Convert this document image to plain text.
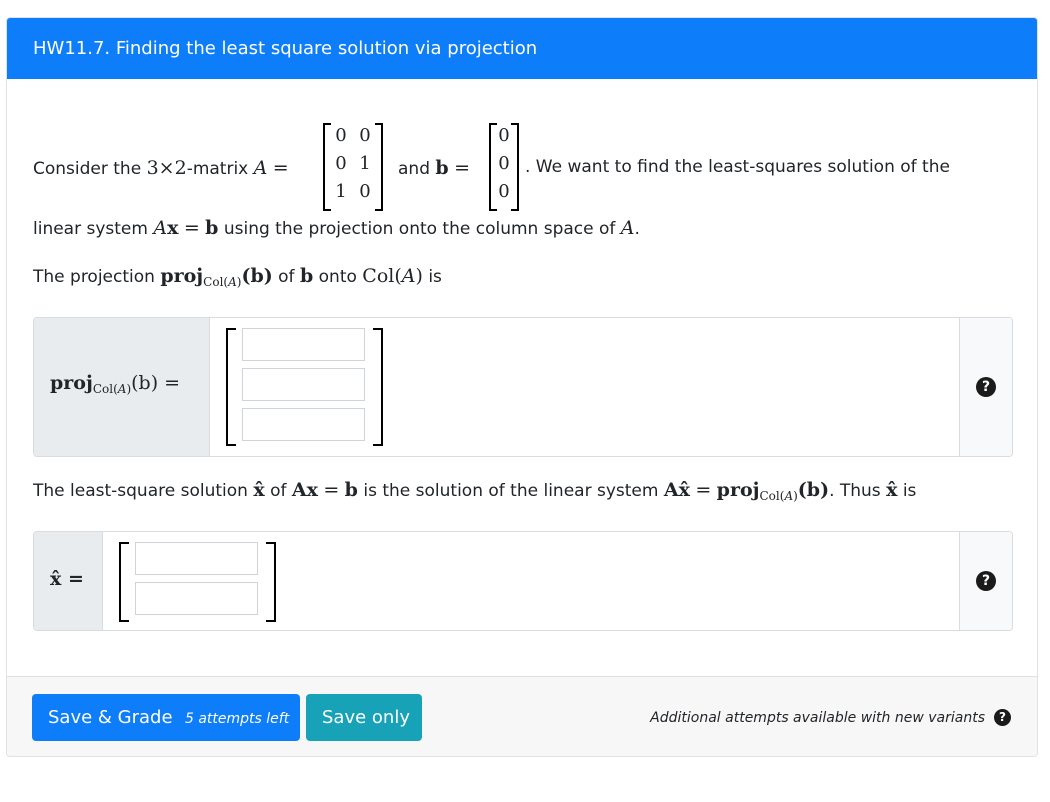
HW11.7. Finding the least square solution via projection
Consider the 3×2-matrix A =
0 0
0 1
1 0
and b =
0
0
0
. We want to find the least-squares solution of the
linear system Ax = b using the projection onto the column space of A.
The projection proj$_{Col(A)}$(b) of b onto Col(A) is
proj$_{Col(A)}$(b) =	?
The least-square solution x̂ of Ax = b is the solution of the linear system Ax̂ = proj$_{Col(A)}$(b). Thus x̂ is
x̂ =	?
Save & Grade 5 attempts left Save only	Additional attempts available with new variants	?
